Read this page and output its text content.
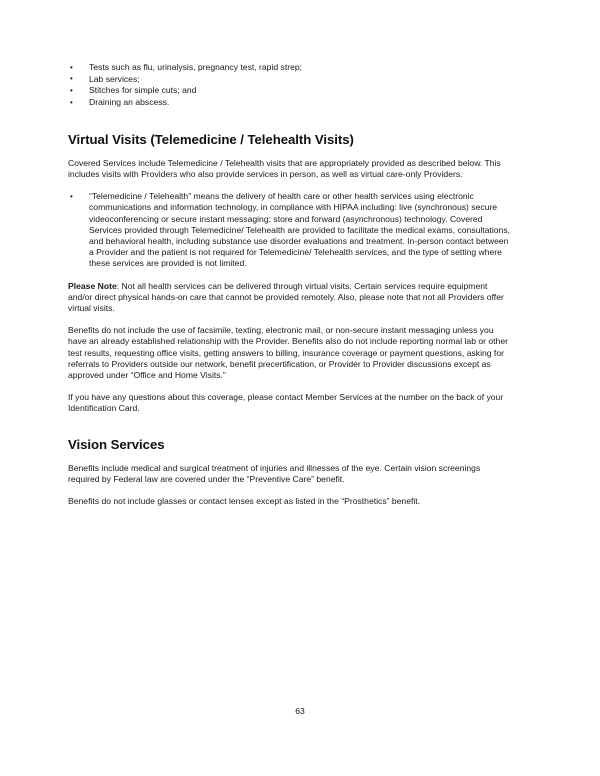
• Tests such as flu, urinalysis, pregnancy test, rapid strep;
• Lab services;
• Stitches for simple cuts; and
• Draining an abscess.
Virtual Visits (Telemedicine / Telehealth Visits)

Covered Services include Telemedicine / Telehealth visits that are appropriately provided as described below. This includes visits with Providers who also provide services in person, as well as virtual care-only Providers.

• “Telemedicine / Telehealth” means the delivery of health care or other health services using electronic communications and information technology, in compliance with HIPAA including: live (synchronous) secure videoconferencing or secure instant messaging; store and forward (asynchronous) technology. Covered Services provided through Telemedicine/ Telehealth are provided to facilitate the medical exams, consultations, and behavioral health, including substance use disorder evaluations and treatment. In-person contact between a Provider and the patient is not required for Telemedicine/ Telehealth services, and the type of setting where these services are provided is not limited.

Please Note: Not all health services can be delivered through virtual visits. Certain services require equipment and/or direct physical hands-on care that cannot be provided remotely. Also, please note that not all Providers offer virtual visits.

Benefits do not include the use of facsimile, texting, electronic mail, or non-secure instant messaging unless you have an already established relationship with the Provider. Benefits also do not include reporting normal lab or other test results, requesting office visits, getting answers to billing, insurance coverage or payment questions, asking for referrals to Providers outside our network, benefit precertification, or Provider to Provider discussions except as approved under “Office and Home Visits.”

If you have any questions about this coverage, please contact Member Services at the number on the back of your Identification Card.

Vision Services

Benefits include medical and surgical treatment of injuries and illnesses of the eye. Certain vision screenings required by Federal law are covered under the “Preventive Care” benefit.

Benefits do not include glasses or contact lenses except as listed in the “Prosthetics” benefit.

63
